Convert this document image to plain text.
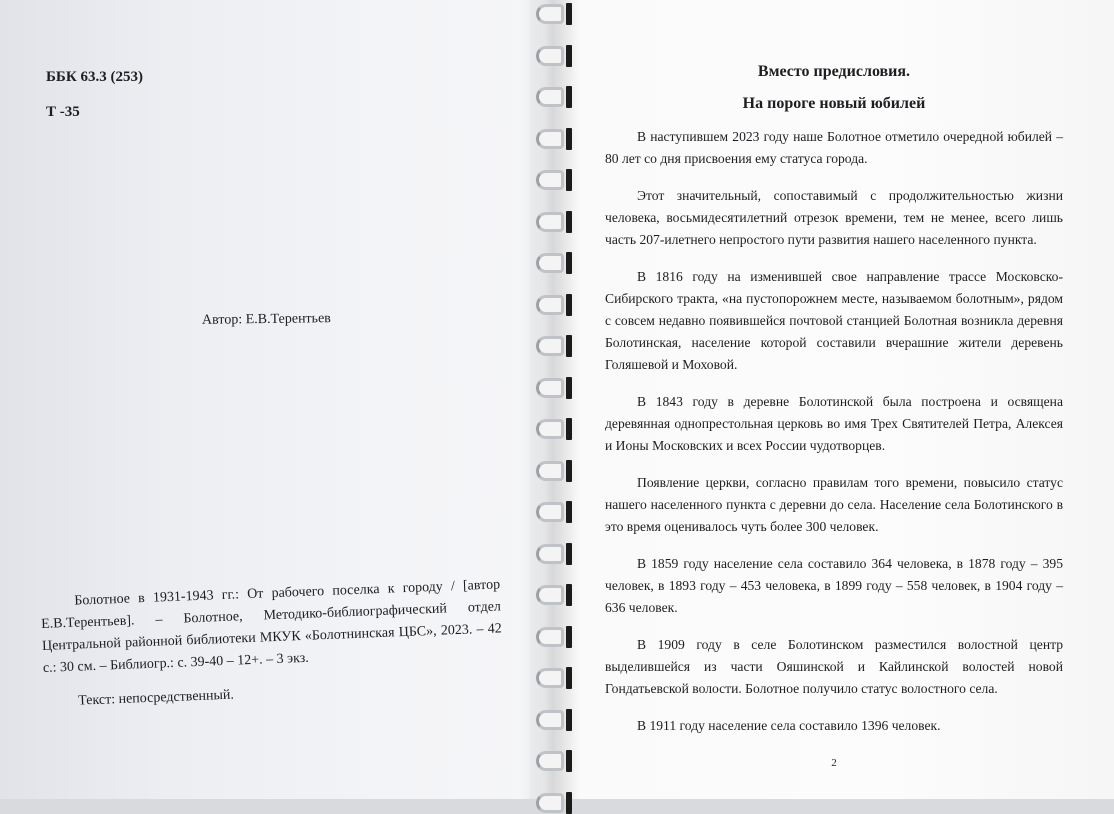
ББК 63.3 (253)

Т -35

Автор: Е.В.Терентьев

Болотное в 1931-1943 гг.: От рабочего поселка к городу / [автор Е.В.Терентьев]. – Болотное, Методико-библиографический отдел Центральной районной библиотеки МКУК «Болотнинская ЦБС», 2023. – 42 с.: 30 см. – Библиогр.: с. 39-40 – 12+. – 3 экз.

Текст: непосредственный.

Вместо предисловия.
На пороге новый юбилей

В наступившем 2023 году наше Болотное отметило очередной юбилей – 80 лет со дня присвоения ему статуса города.

Этот значительный, сопоставимый с продолжительностью жизни человека, восьмидесятилетний отрезок времени, тем не менее, всего лишь часть 207-илетнего непростого пути развития нашего населенного пункта.

В 1816 году на изменившей свое направление трассе Московско-Сибирского тракта, «на пустопорожнем месте, называемом болотным», рядом с совсем недавно появившейся почтовой станцией Болотная возникла деревня Болотинская, население которой составили вчерашние жители деревень Голяшевой и Моховой.

В 1843 году в деревне Болотинской была построена и освящена деревянная однопрестольная церковь во имя Трех Святителей Петра, Алексея и Ионы Московских и всех России чудотворцев.

Появление церкви, согласно правилам того времени, повысило статус нашего населенного пункта с деревни до села. Население села Болотинского в это время оценивалось чуть более 300 человек.

В 1859 году население села составило 364 человека, в 1878 году – 395 человек, в 1893 году – 453 человека, в 1899 году – 558 человек, в 1904 году – 636 человек.

В 1909 году в селе Болотинском разместился волостной центр выделившейся из части Ояшинской и Кайлинской волостей новой Гондатьевской волости. Болотное получило статус волостного села.

В 1911 году население села составило 1396 человек.

2
